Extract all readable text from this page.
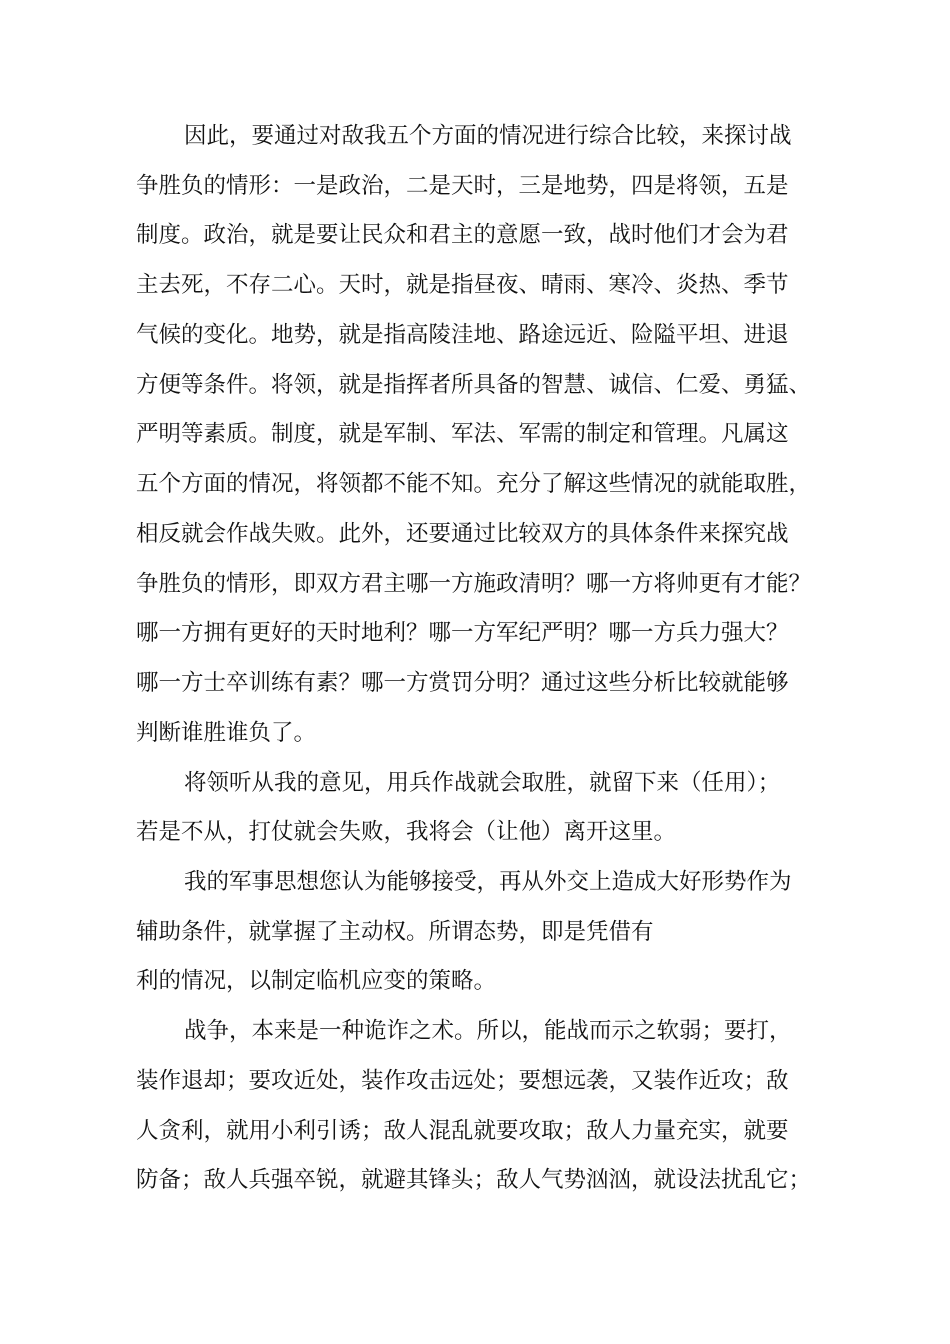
因此，要通过对敌我五个方面的情况进行综合比较，来探讨战
争胜负的情形：一是政治，二是天时，三是地势，四是将领，五是
制度。政治，就是要让民众和君主的意愿一致，战时他们才会为君
主去死，不存二心。天时，就是指昼夜、晴雨、寒冷、炎热、季节
气候的变化。地势，就是指高陵洼地、路途远近、险隘平坦、进退
方便等条件。将领，就是指挥者所具备的智慧、诚信、仁爱、勇猛、
严明等素质。制度，就是军制、军法、军需的制定和管理。凡属这
五个方面的情况，将领都不能不知。充分了解这些情况的就能取胜，
相反就会作战失败。此外，还要通过比较双方的具体条件来探究战
争胜负的情形，即双方君主哪一方施政清明？哪一方将帅更有才能？
哪一方拥有更好的天时地利？哪一方军纪严明？哪一方兵力强大？
哪一方士卒训练有素？哪一方赏罚分明？通过这些分析比较就能够
判断谁胜谁负了。
将领听从我的意见，用兵作战就会取胜，就留下来（任用）；
若是不从，打仗就会失败，我将会（让他）离开这里。
我的军事思想您认为能够接受，再从外交上造成大好形势作为
辅助条件，就掌握了主动权。所谓态势，即是凭借有
利的情况，以制定临机应变的策略。
战争，本来是一种诡诈之术。所以，能战而示之软弱；要打，
装作退却；要攻近处，装作攻击远处；要想远袭，又装作近攻；敌
人贪利，就用小利引诱；敌人混乱就要攻取；敌人力量充实，就要
防备；敌人兵强卒锐，就避其锋头；敌人气势汹汹，就设法扰乱它；
